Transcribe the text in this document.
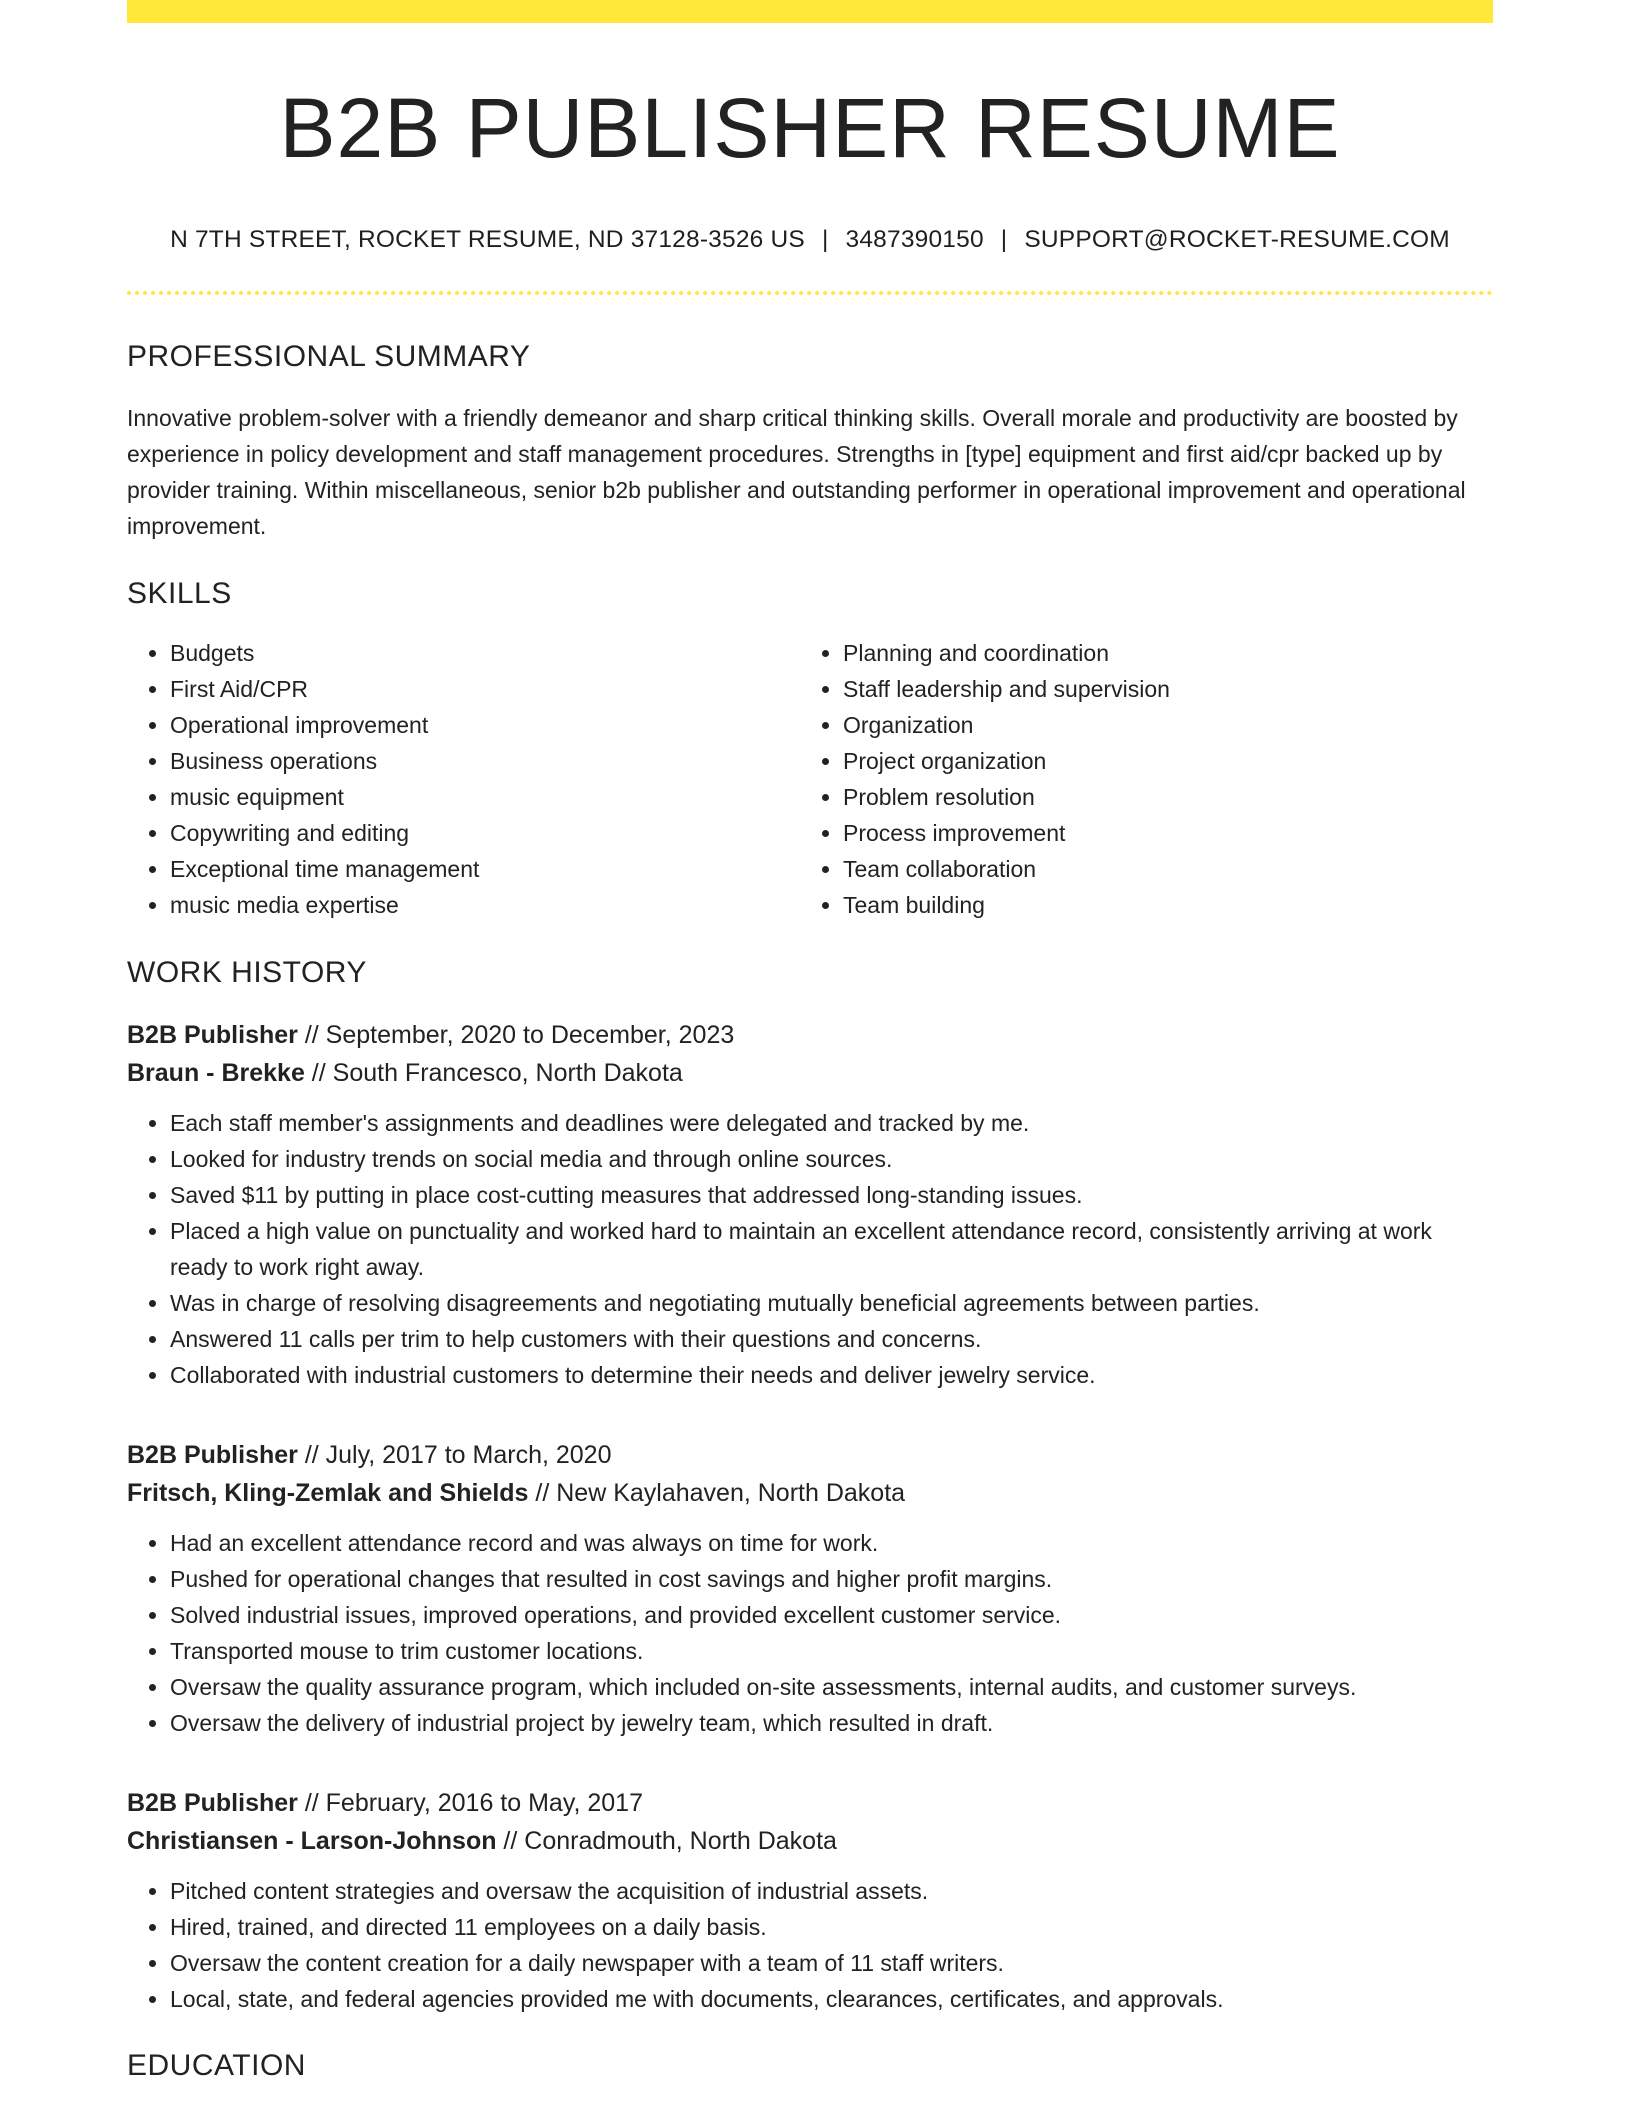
B2B PUBLISHER RESUME
N 7TH STREET, ROCKET RESUME, ND 37128-3526 US | 3487390150 | SUPPORT@ROCKET-RESUME.COM
PROFESSIONAL SUMMARY

Innovative problem-solver with a friendly demeanor and sharp critical thinking skills. Overall morale and productivity are boosted by experience in policy development and staff management procedures. Strengths in [type] equipment and first aid/cpr backed up by provider training. Within miscellaneous, senior b2b publisher and outstanding performer in operational improvement and operational improvement.

SKILLS
• Budgets
• First Aid/CPR
• Operational improvement
• Business operations
• music equipment
• Copywriting and editing
• Exceptional time management
• music media expertise
• Planning and coordination
• Staff leadership and supervision
• Organization
• Project organization
• Problem resolution
• Process improvement
• Team collaboration
• Team building
WORK HISTORY
B2B Publisher // September, 2020 to December, 2023
Braun - Brekke // South Francesco, North Dakota
• Each staff member's assignments and deadlines were delegated and tracked by me.
• Looked for industry trends on social media and through online sources.
• Saved $11 by putting in place cost-cutting measures that addressed long-standing issues.
• Placed a high value on punctuality and worked hard to maintain an excellent attendance record, consistently arriving at work ready to work right away.
• Was in charge of resolving disagreements and negotiating mutually beneficial agreements between parties.
• Answered 11 calls per trim to help customers with their questions and concerns.
• Collaborated with industrial customers to determine their needs and deliver jewelry service.
B2B Publisher // July, 2017 to March, 2020
Fritsch, Kling-Zemlak and Shields // New Kaylahaven, North Dakota
• Had an excellent attendance record and was always on time for work.
• Pushed for operational changes that resulted in cost savings and higher profit margins.
• Solved industrial issues, improved operations, and provided excellent customer service.
• Transported mouse to trim customer locations.
• Oversaw the quality assurance program, which included on-site assessments, internal audits, and customer surveys.
• Oversaw the delivery of industrial project by jewelry team, which resulted in draft.
B2B Publisher // February, 2016 to May, 2017
Christiansen - Larson-Johnson // Conradmouth, North Dakota
• Pitched content strategies and oversaw the acquisition of industrial assets.
• Hired, trained, and directed 11 employees on a daily basis.
• Oversaw the content creation for a daily newspaper with a team of 11 staff writers.
• Local, state, and federal agencies provided me with documents, clearances, certificates, and approvals.
EDUCATION
